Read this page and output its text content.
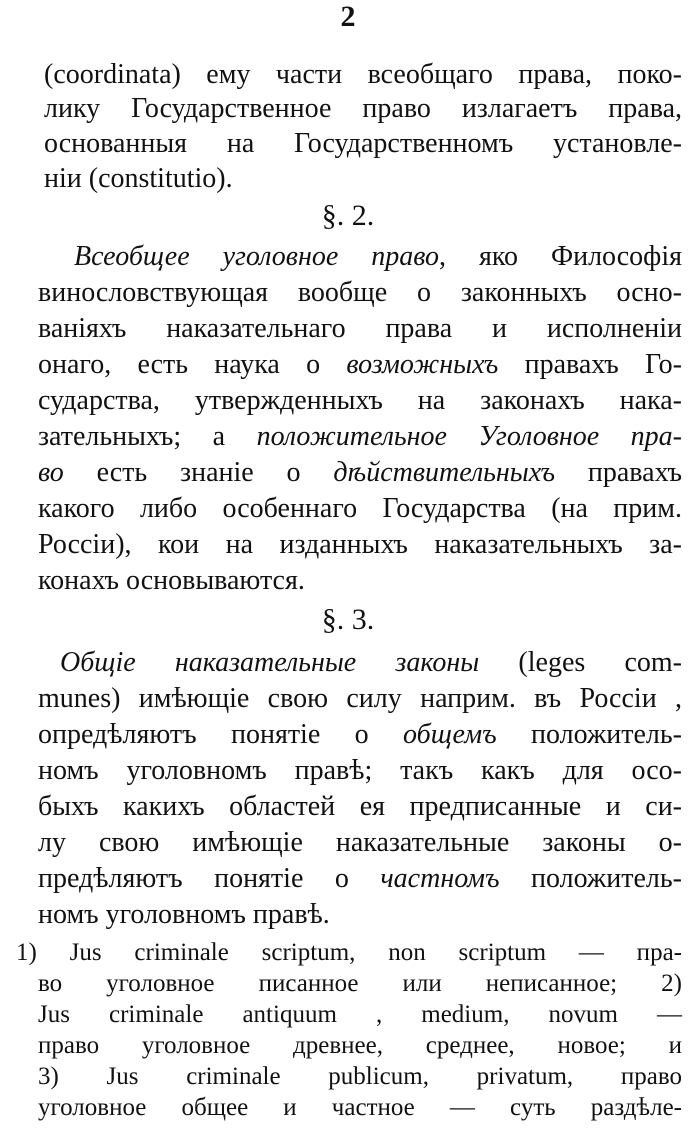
2
(coordinata) ему части всеобщаго права, поко-
лику Государственное право излагаетъ права,
основанныя на Государственномъ установле-
ніи (constitutio).
§. 2.
Всеобщее уголовное право, яко Философія
винословствующая вообще о законныхъ осно-
ваніяхъ наказательнаго права и исполненіи
онаго, есть наука о возможныхъ правахъ Го-
сударства, утвержденныхъ на законахъ нака-
зательныхъ; а положительное Уголовное пра-
во есть знаніе о дѣйствительныхъ правахъ
какого либо особеннаго Государства (на прим.
Россіи), кои на изданныхъ наказательныхъ за-
конахъ основываются.
§. 3.
Общіе наказательные законы (leges com-
munes) имѣющіе свою силу наприм. въ Россіи ,
опредѣляютъ понятіе о общемъ положитель-
номъ уголовномъ правѣ; такъ какъ для осо-
быхъ какихъ областей ея предписанные и си-
лу свою имѣющіе наказательные законы о-
предѣляютъ понятіе о частномъ положитель-
номъ уголовномъ правѣ.
1) Jus criminale scriptum, non scriptum — пра-
во уголовное писанное или неписанное; 2)
Jus criminale antiquum , medium, novum —
право уголовное древнее, среднее, новое; и
3) Jus criminale publicum, privatum, право
уголовное общее и частное — суть раздѣле-
